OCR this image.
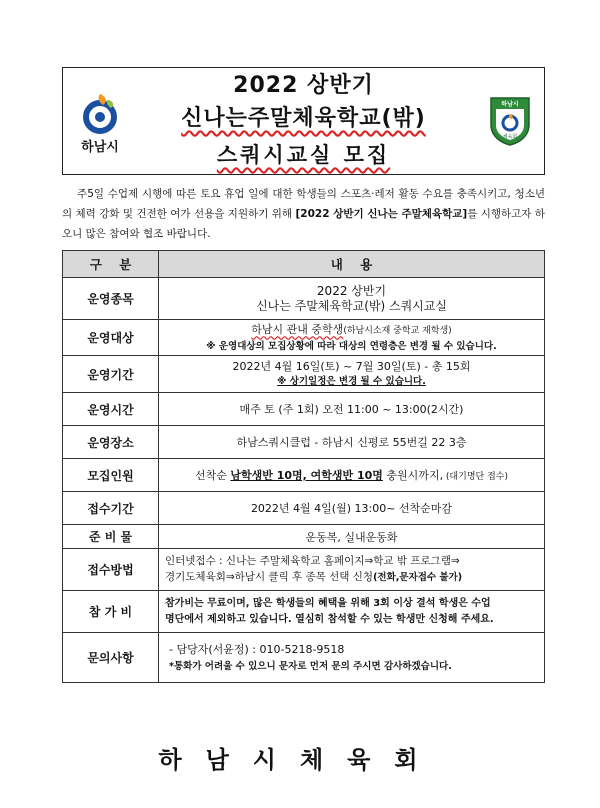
하남시
2022 상반기
신나는주말체육학교(밖)
스쿼시교실 모집
하남시
체육회
주5일 수업제 시행에 따른 토요 휴업 일에 대한 학생들의 스포츠·레저 활동 수요를 충족시키고, 청소년의 체력 강화 및 건전한 여가 선용을 지원하기 위해 [2022 상반기 신나는 주말체육학교]를 시행하고자 하오니 많은 참여와 협조 바랍니다.
구    분	내    용
운영종목	2022 상반기
신나는 주말체육학교(밖) 스쿼시교실

운영대상	하남시 관내 중학생(하남시소재 중학교 재학생)
※ 운영대상의 모집상황에 따라 대상의 연령층은 변경 될 수 있습니다.

운영기간	2022년 4월 16일(토) ~ 7월 30일(토) - 총 15회
※ 상기일정은 변경 될 수 있습니다.

운영시간	매주 토 (주 1회) 오전 11:00 ~ 13:00(2시간)
운영장소	하남스쿼시클럽 - 하남시 신평로 55번길 22 3층
모집인원	선착순 남학생반 10명, 여학생반 10명 충원시까지, (대기명단 접수)
접수기간	2022년 4월 4일(월) 13:00~ 선착순마감
준 비 물	운동복, 실내운동화
접수방법	인터넷접수 : 신나는 주말체육학교 홈페이지⇒학교 밖 프로그램⇒
경기도체육회⇒하남시 클릭 후 종목 선택 신청(전화,문자접수 불가)

참 가 비	참가비는 무료이며, 많은 학생들의 혜택을 위해 3회 이상 결석 학생은 수업
명단에서 제외하고 있습니다. 열심히 참석할 수 있는 학생만 신청해 주세요.

문의사항	- 담당자(서윤정) : 010-5218-9518
*통화가 어려울 수 있으니 문자로 먼저 문의 주시면 감사하겠습니다.
하남시체육회
